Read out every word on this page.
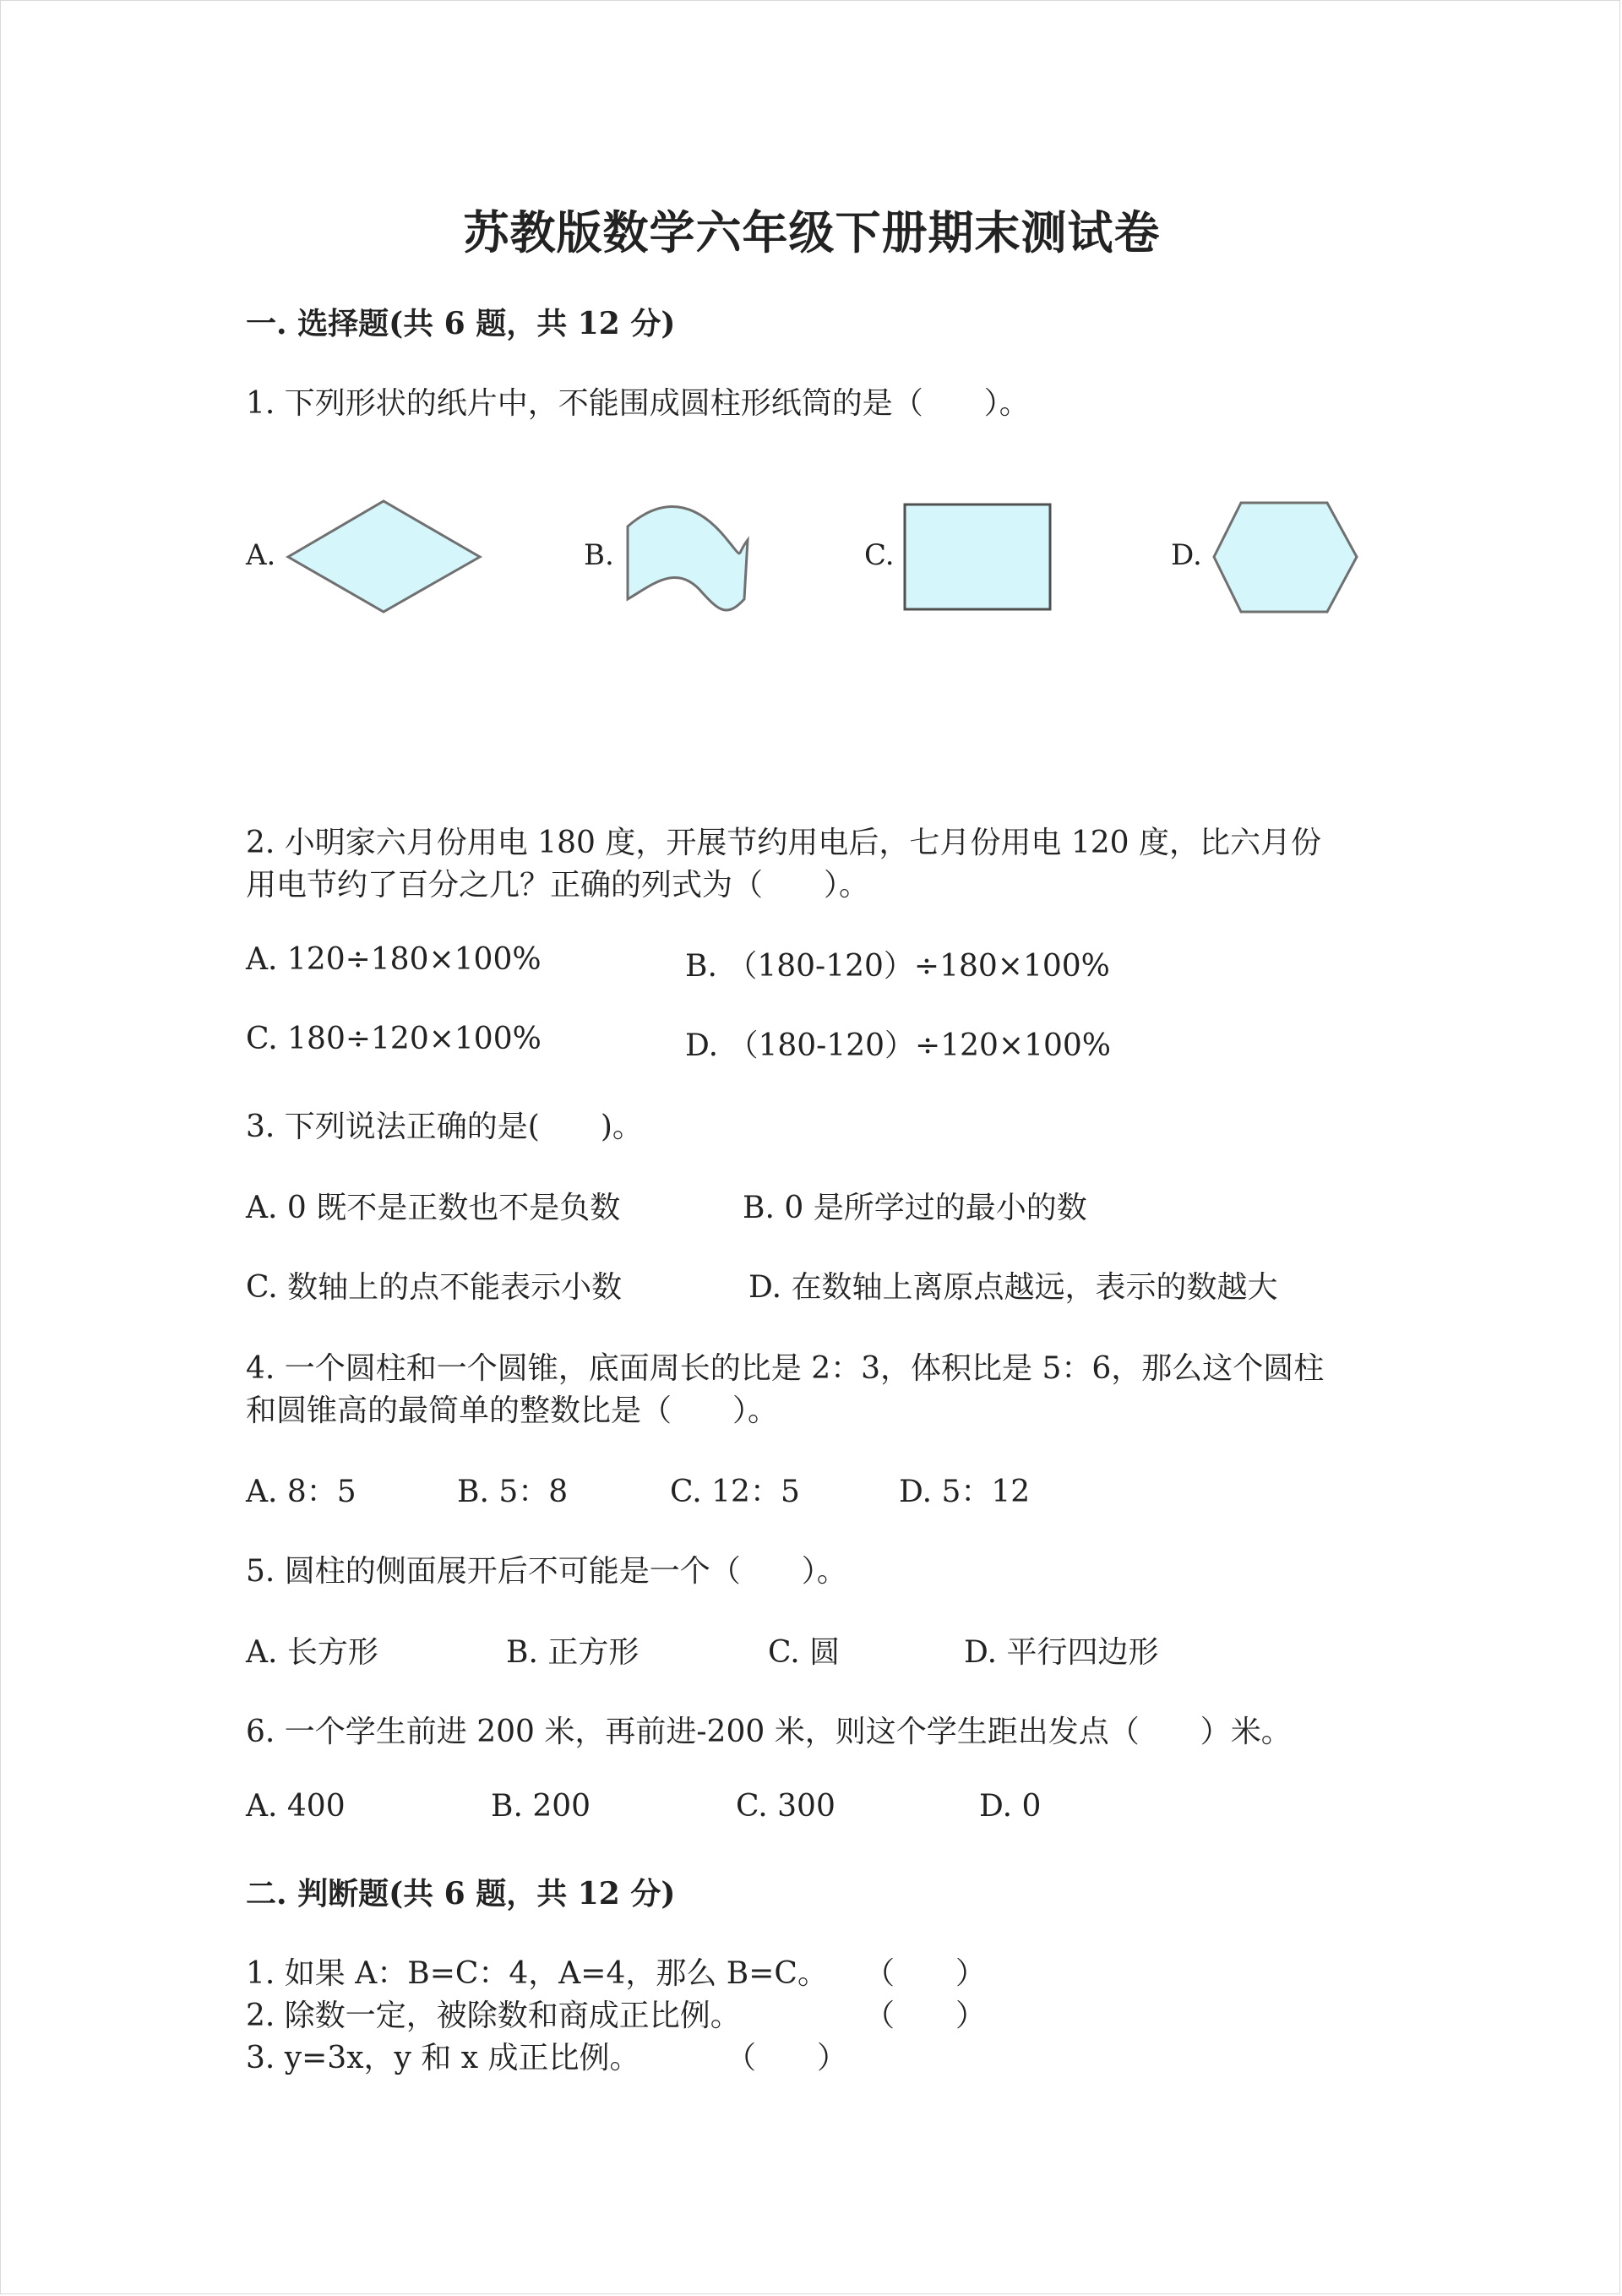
苏教版数学六年级下册期末测试卷
一. 选择题(共 6 题，共 12 分)
1. 下列形状的纸片中，不能围成圆柱形纸筒的是（　　）。
A.	B.	C.	D.
2. 小明家六月份用电 180 度，开展节约用电后，七月份用电 120 度，比六月份
用电节约了百分之几？正确的列式为（　　）。
A. 120÷180×100%	B. （180-120）÷180×100%
C. 180÷120×100%	D. （180-120）÷120×100%
3. 下列说法正确的是(　　)。
A. 0 既不是正数也不是负数	B. 0 是所学过的最小的数
C. 数轴上的点不能表示小数	D. 在数轴上离原点越远，表示的数越大
4. 一个圆柱和一个圆锥，底面周长的比是 2：3，体积比是 5：6，那么这个圆柱
和圆锥高的最简单的整数比是（　　）。
A. 8：5	B. 5：8	C. 12：5	D. 5：12
5. 圆柱的侧面展开后不可能是一个（　　）。
A. 长方形	B. 正方形	C. 圆	D. 平行四边形
6. 一个学生前进 200 米，再前进-200 米，则这个学生距出发点（　　）米。
A. 400	B. 200	C. 300	D. 0
二. 判断题(共 6 题，共 12 分)
1. 如果 A：B=C：4，A=4，那么 B=C。 （　　）
2. 除数一定，被除数和商成正比例。	（　　）
3. y=3x，y 和 x 成正比例。	（　　）
